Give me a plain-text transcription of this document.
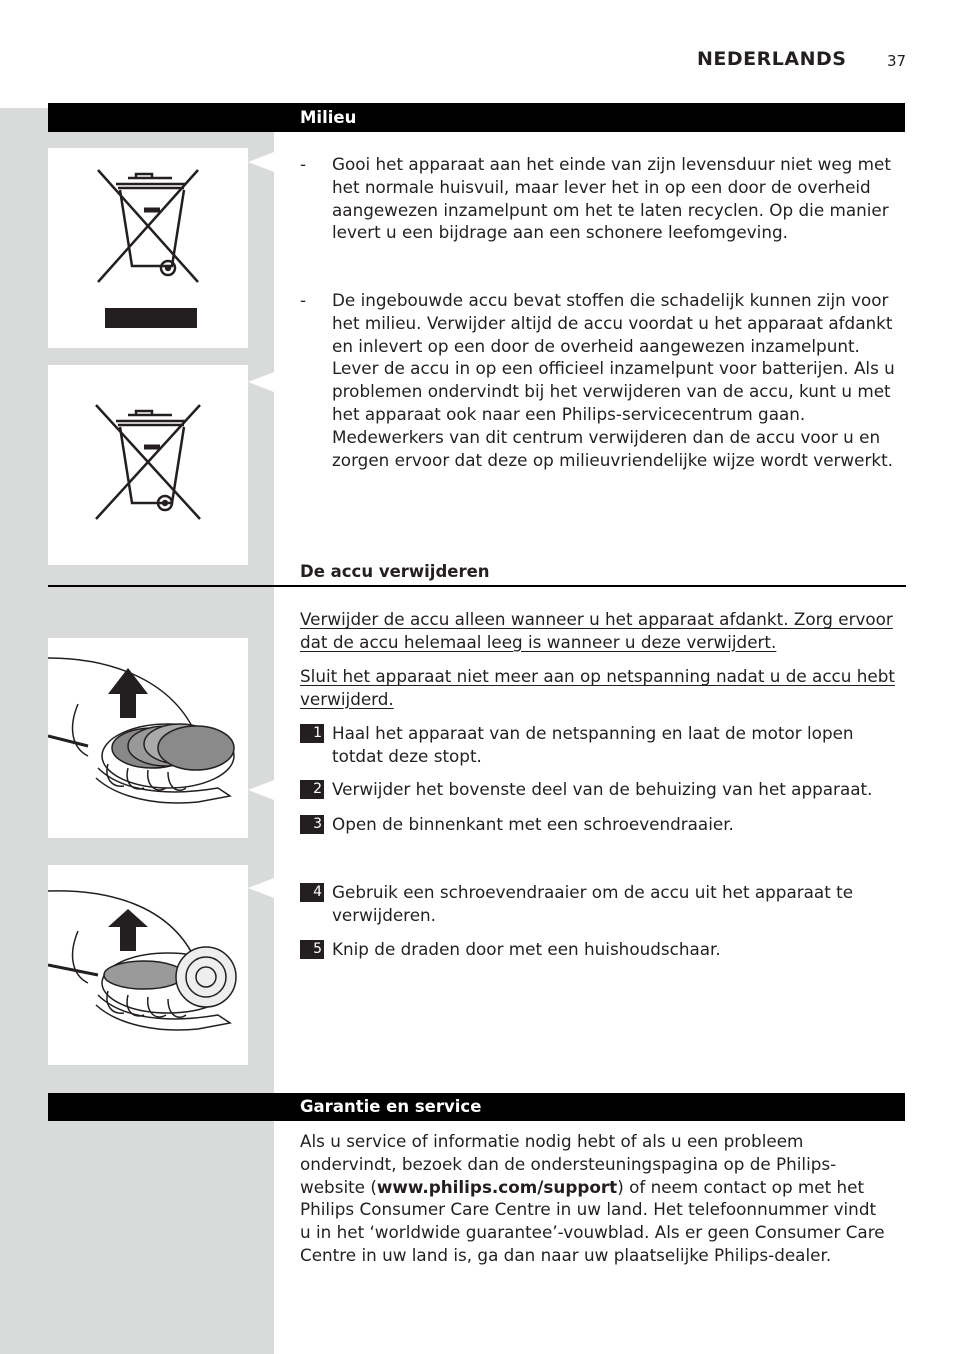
NEDERLANDS	37
Milieu
- Gooi het apparaat aan het einde van zijn levensduur niet weg met het normale huisvuil, maar lever het in op een door de overheid aangewezen inzamelpunt om het te laten recyclen. Op die manier levert u een bijdrage aan een schonere leefomgeving.
- De ingebouwde accu bevat stoffen die schadelijk kunnen zijn voor het milieu. Verwijder altijd de accu voordat u het apparaat afdankt en inlevert op een door de overheid aangewezen inzamelpunt. Lever de accu in op een officieel inzamelpunt voor batterijen. Als u problemen ondervindt bij het verwijderen van de accu, kunt u met het apparaat ook naar een Philips-servicecentrum gaan. Medewerkers van dit centrum verwijderen dan de accu voor u en zorgen ervoor dat deze op milieuvriendelijke wijze wordt verwerkt.
De accu verwijderen
Verwijder de accu alleen wanneer u het apparaat afdankt. Zorg ervoor dat de accu helemaal leeg is wanneer u deze verwijdert.
Sluit het apparaat niet meer aan op netspanning nadat u de accu hebt verwijderd.
1 Haal het apparaat van de netspanning en laat de motor lopen totdat deze stopt.
2 Verwijder het bovenste deel van de behuizing van het apparaat.
3 Open de binnenkant met een schroevendraaier.
4 Gebruik een schroevendraaier om de accu uit het apparaat te verwijderen.
5 Knip de draden door met een huishoudschaar.
Garantie en service
Als u service of informatie nodig hebt of als u een probleem ondervindt, bezoek dan de ondersteuningspagina op de Philips-website (www.philips.com/support) of neem contact op met het Philips Consumer Care Centre in uw land. Het telefoonnummer vindt u in het ‘worldwide guarantee’-vouwblad. Als er geen Consumer Care Centre in uw land is, ga dan naar uw plaatselijke Philips-dealer.
